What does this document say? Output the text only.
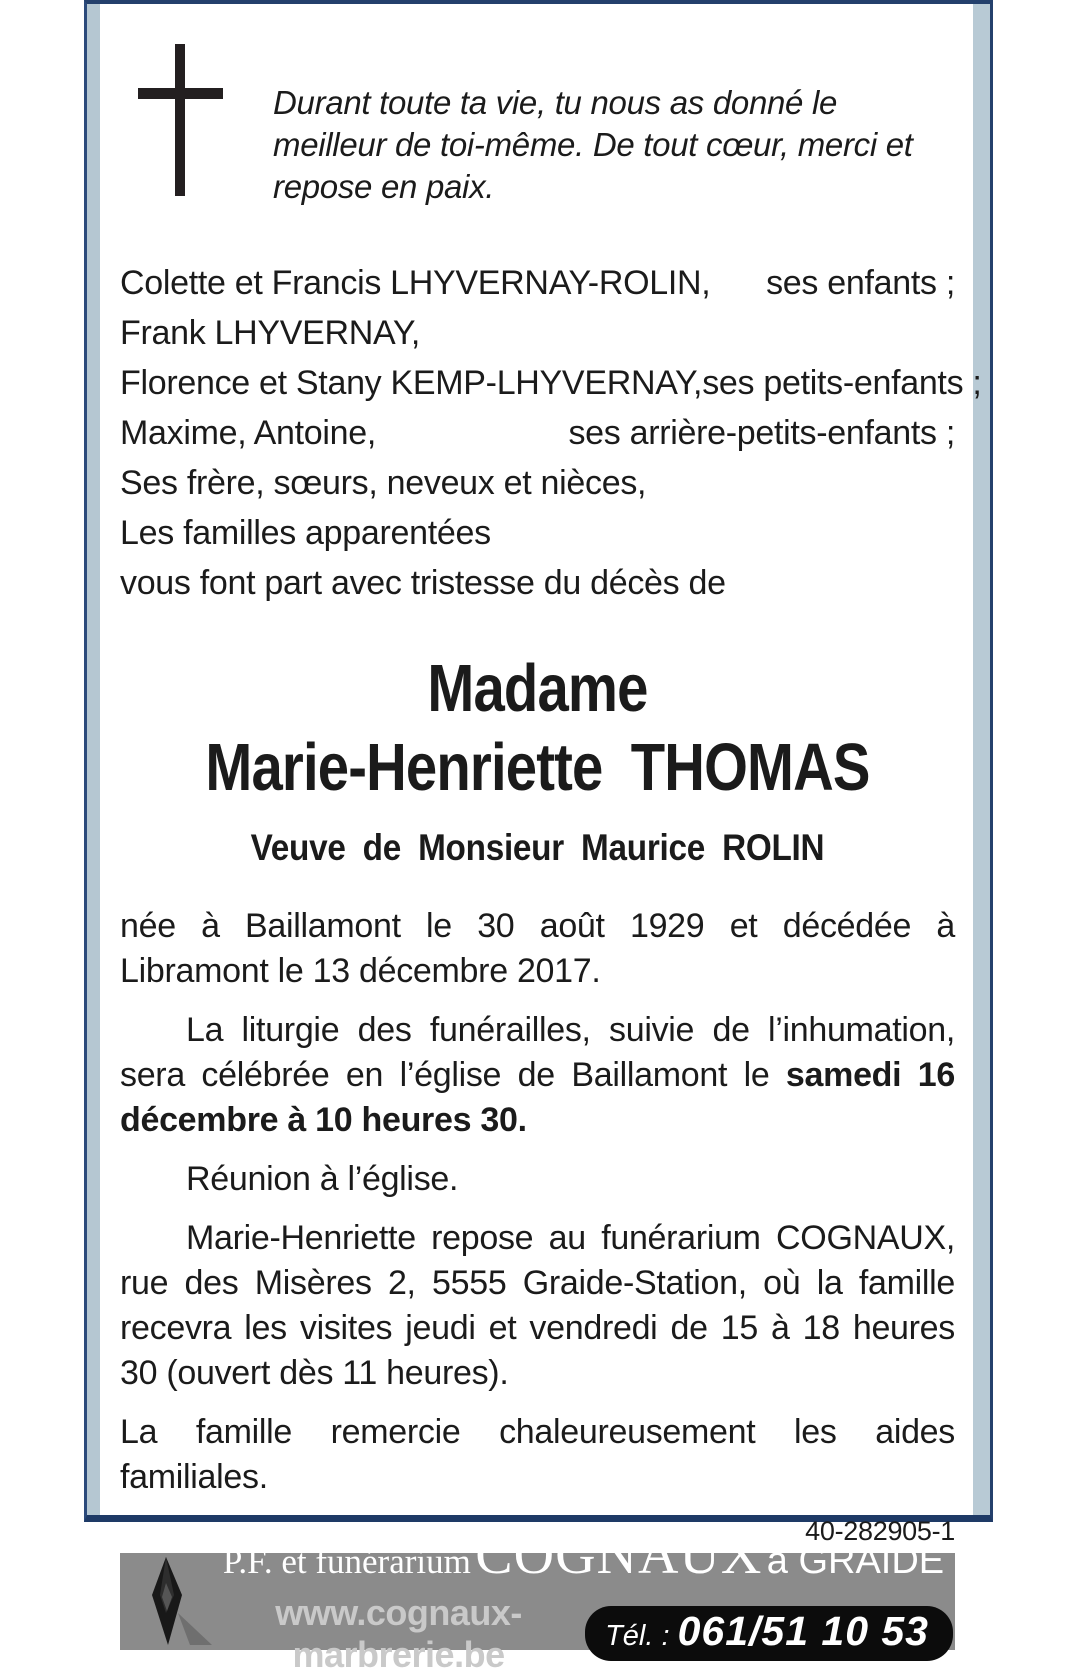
Durant toute ta vie, tu nous as donné le meilleur de toi-même. De tout cœur, merci et repose en paix.
Colette et Francis LHYVERNAY-ROLIN, ses enfants ;
Frank LHYVERNAY,
Florence et Stany KEMP-LHYVERNAY, ses petits-enfants ;
Maxime, Antoine,	ses arrière-petits-enfants ;
Ses frère, sœurs, neveux et nièces,
Les familles apparentées
vous font part avec tristesse du décès de
Madame
Marie-Henriette THOMAS
Veuve de Monsieur Maurice ROLIN

née à Baillamont le 30 août 1929 et décédée à Libramont le 13 décembre 2017.

La liturgie des funérailles, suivie de l’inhumation, sera célébrée en l’église de Baillamont le samedi 16 décembre à 10 heures 30.

Réunion à l’église.

Marie-Henriette repose au funérarium COGNAUX, rue des Misères 2, 5555 Graide-Station, où la famille recevra les visites jeudi et vendredi de 15 à 18 heures 30 (ouvert dès 11 heures).

La famille remercie chaleureusement les aides familiales.

40-282905-1
P.F. et funérarium COGNAUX à GRAIDE
www.cognaux-marbrerie.be	Tél. : 061/51 10 53
